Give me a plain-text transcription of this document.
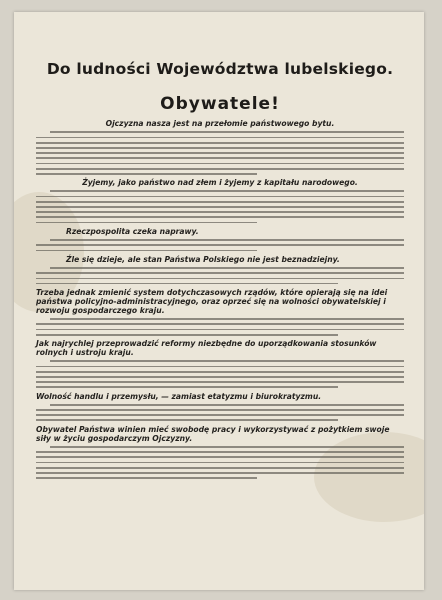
Do ludności Województwa lubelskiego.
Obywatele!
Ojczyzna nasza jest na przełomie państwowego bytu.
Żyjemy, jako państwo nad złem i żyjemy z kapitału narodowego.
Rzeczpospolita czeka naprawy.
Źle się dzieje, ale stan Państwa Polskiego nie jest beznadziejny.
Trzeba jednak zmienić system dotychczasowych rządów, które opierają się na idei państwa policyjno-administracyjnego, oraz oprzeć się na wolności obywatelskiej i rozwoju gospodarczego kraju.
Jak najrychlej przeprowadzić reformy niezbędne do uporządkowania stosunków rolnych i ustroju kraju.
Wolność handlu i przemysłu, — zamiast etatyzmu i biurokratyzmu.
Obywatel Państwa winien mieć swobodę pracy i wykorzystywać z pożytkiem swoje siły w życiu gospodarczym Ojczyzny.
